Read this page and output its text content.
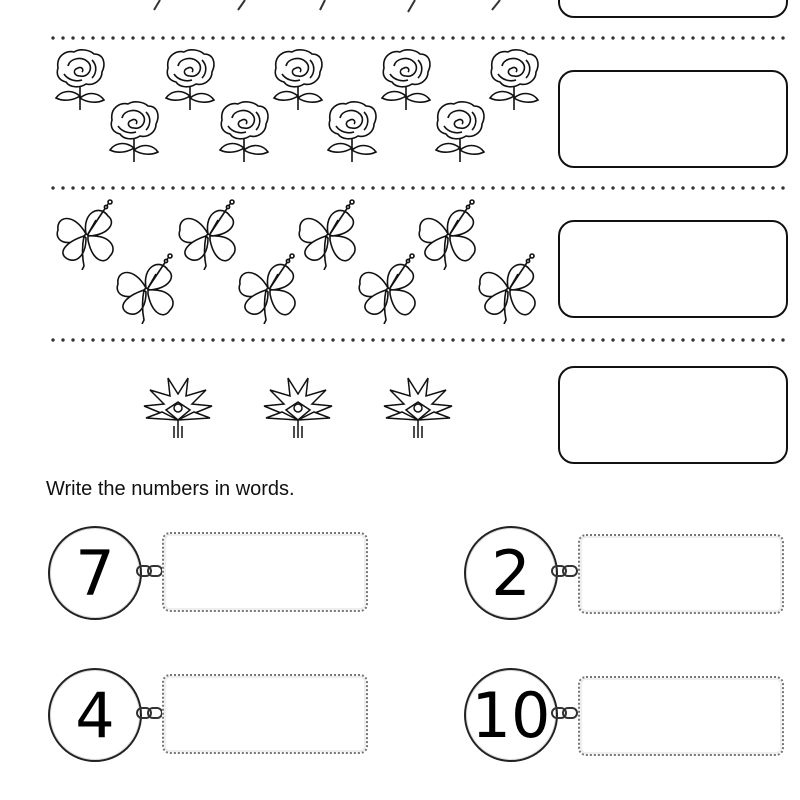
Write the numbers in words.
7	2
4	10
